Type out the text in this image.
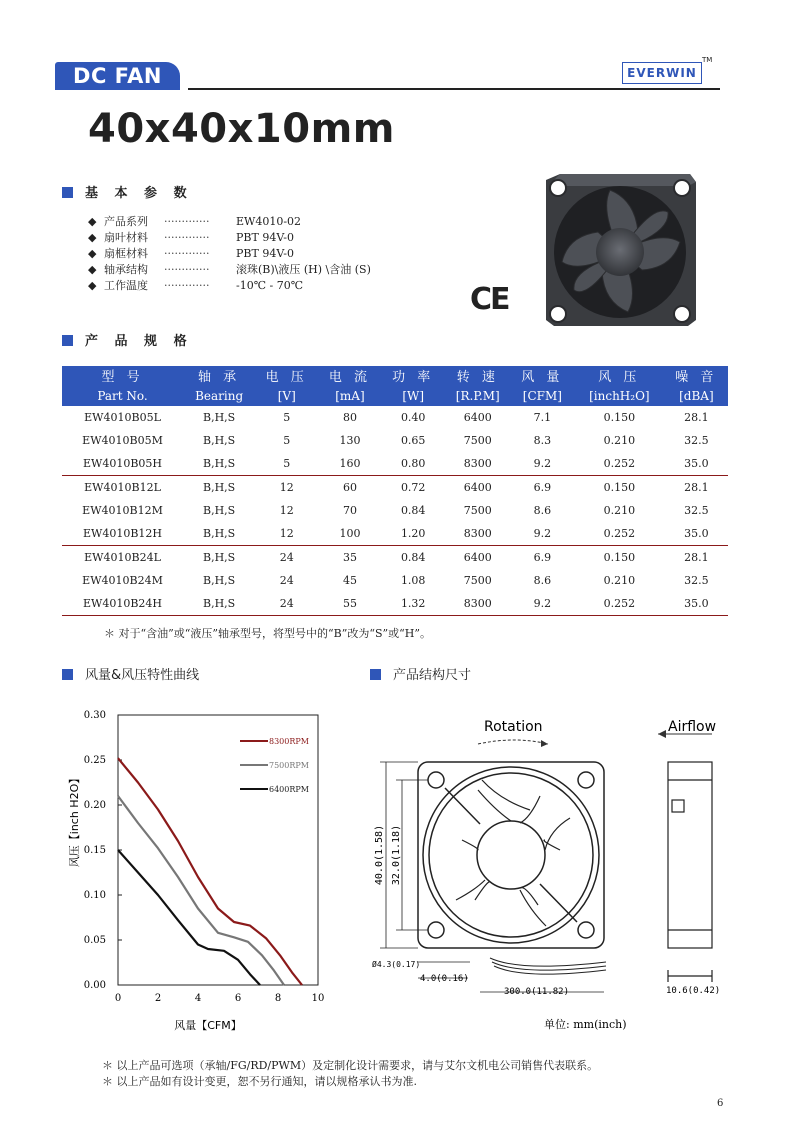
DC FAN	EVERWIN
TM
40x40x10mm
基 本 参 数
◆ 产品系列 ············· EW4010-02
◆ 扇叶材料 ············· PBT 94V-0
◆ 扇框材料 ············· PBT 94V-0
◆ 轴承结构 ············· 滚珠(B)\液压 (H) \含油 (S)
◆ 工作温度 ············· -10℃ - 70℃	CE
产 品 规 格
型 号	轴 承	电 压	电 流	功 率	转 速	风 量	风 压	噪 音
Part No.	Bearing	[V]	[mA]	[W]	[R.P.M]	[CFM]	[inchH₂O]	[dBA]
EW4010B05L	B,H,S	5	80	0.40	6400	7.1	0.150	28.1
EW4010B05M	B,H,S	5	130	0.65	7500	8.3	0.210	32.5
EW4010B05H	B,H,S	5	160	0.80	8300	9.2	0.252	35.0
EW4010B12L	B,H,S	12	60	0.72	6400	6.9	0.150	28.1
EW4010B12M	B,H,S	12	70	0.84	7500	8.6	0.210	32.5
EW4010B12H	B,H,S	12	100	1.20	8300	9.2	0.252	35.0
EW4010B24L	B,H,S	24	35	0.84	6400	6.9	0.150	28.1
EW4010B24M	B,H,S	24	45	1.08	7500	8.6	0.210	32.5
EW4010B24H	B,H,S	24	55	1.32	8300	9.2	0.252	35.0
＊ 对于“含油”或“液压”轴承型号，将型号中的“B”改为“S”或“H”。
风量&风压特性曲线	产品结构尺寸
0	2	4	6	8	10
0.00
0.05
0.10
0.15
0.20
0.25
0.30
8300RPM
7500RPM
6400RPM
风量【CFM】
风压【inch H2O】
Rotation	Airflow
40.0(1.58) 32.0(1.18)
Ø4.3(0.17)
4.0(0.16)
300.0(11.82)	10.6(0.42)
单位: mm(inch)
＊ 以上产品可选项（承轴/FG/RD/PWM）及定制化设计需要求，请与艾尔文机电公司销售代表联系。
＊ 以上产品如有设计变更，恕不另行通知，请以规格承认书为准.
6
